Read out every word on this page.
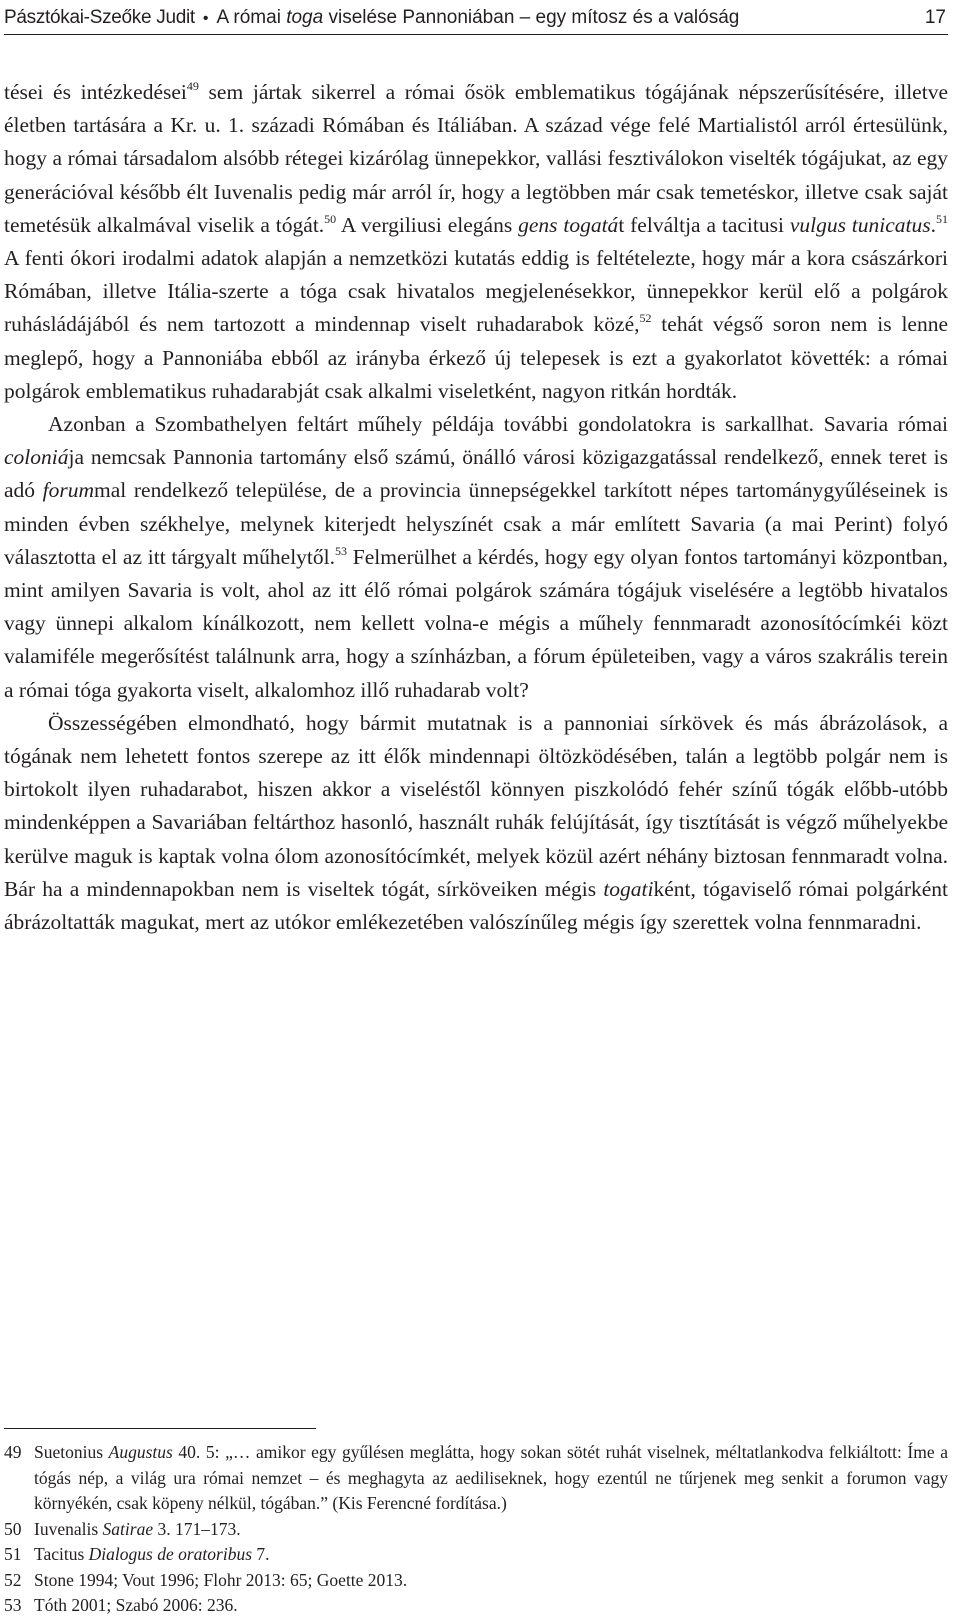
Pásztókai-Szeőke Judit • A római toga viselése Pannoniában – egy mítosz és a valóság	17

tései és intézkedései$^{49}$ sem jártak sikerrel a római ősök emblematikus tógájának népszerűsítésére, illetve életben tartására a Kr. u. 1. századi Rómában és Itáliában. A század vége felé Martialistól arról értesülünk, hogy a római társadalom alsóbb rétegei kizárólag ünnepekkor, vallási fesztiválokon viselték tógájukat, az egy generációval később élt Iuvenalis pedig már arról ír, hogy a legtöbben már csak temetéskor, illetve csak saját temetésük alkalmával viselik a tógát.$^{50}$ A vergiliusi elegáns gens togatát felváltja a tacitusi vulgus tunicatus.$^{51}$ A fenti ókori irodalmi adatok alapján a nemzetközi kutatás eddig is feltételezte, hogy már a kora császárkori Rómában, illetve Itália-szerte a tóga csak hivatalos megjelenésekkor, ünnepekkor kerül elő a polgárok ruhásládájából és nem tartozott a mindennap viselt ruhadarabok közé,$^{52}$ tehát végső soron nem is lenne meglepő, hogy a Pannoniába ebből az irányba érkező új telepesek is ezt a gyakorlatot követték: a római polgárok emblematikus ruhadarabját csak alkalmi viseletként, nagyon ritkán hordták.

Azonban a Szombathelyen feltárt műhely példája további gondolatokra is sarkallhat. Savaria római coloniája nemcsak Pannonia tartomány első számú, önálló városi közigazgatással rendelkező, ennek teret is adó forummal rendelkező települése, de a provincia ünnepségekkel tarkított népes tartománygyűléseinek is minden évben székhelye, melynek kiterjedt helyszínét csak a már említett Savaria (a mai Perint) folyó választotta el az itt tárgyalt műhelytől.$^{53}$ Felmerülhet a kérdés, hogy egy olyan fontos tartományi központban, mint amilyen Savaria is volt, ahol az itt élő római polgárok számára tógájuk viselésére a legtöbb hivatalos vagy ünnepi alkalom kínálkozott, nem kellett volna-e mégis a műhely fennmaradt azonosítócímkéi közt valamiféle megerősítést találnunk arra, hogy a színházban, a fórum épületeiben, vagy a város szakrális terein a római tóga gyakorta viselt, alkalomhoz illő ruhadarab volt?

Összességében elmondható, hogy bármit mutatnak is a pannoniai sírkövek és más ábrázolások, a tógának nem lehetett fontos szerepe az itt élők mindennapi öltözködésében, talán a legtöbb polgár nem is birtokolt ilyen ruhadarabot, hiszen akkor a viseléstől könnyen piszkolódó fehér színű tógák előbb-utóbb mindenképpen a Savariában feltárthoz hasonló, használt ruhák felújítását, így tisztítását is végző műhelyekbe kerülve maguk is kaptak volna ólom azonosítócímkét, melyek közül azért néhány biztosan fennmaradt volna. Bár ha a mindennapokban nem is viseltek tógát, sírköveiken mégis togatiként, tógaviselő római polgárként ábrázoltatták magukat, mert az utókor emlékezetében valószínűleg mégis így szerettek volna fennmaradni.

49 Suetonius Augustus 40. 5: „… amikor egy gyűlésen meglátta, hogy sokan sötét ruhát viselnek, méltatlankodva felkiáltott: Íme a tógás nép, a világ ura római nemzet – és meghagyta az aediliseknek, hogy ezentúl ne tűrjenek meg senkit a forumon vagy környékén, csak köpeny nélkül, tógában.” (Kis Ferencné fordítása.)
50 Iuvenalis Satirae 3. 171–173.
51 Tacitus Dialogus de oratoribus 7.
52 Stone 1994; Vout 1996; Flohr 2013: 65; Goette 2013.
53 Tóth 2001; Szabó 2006: 236.
